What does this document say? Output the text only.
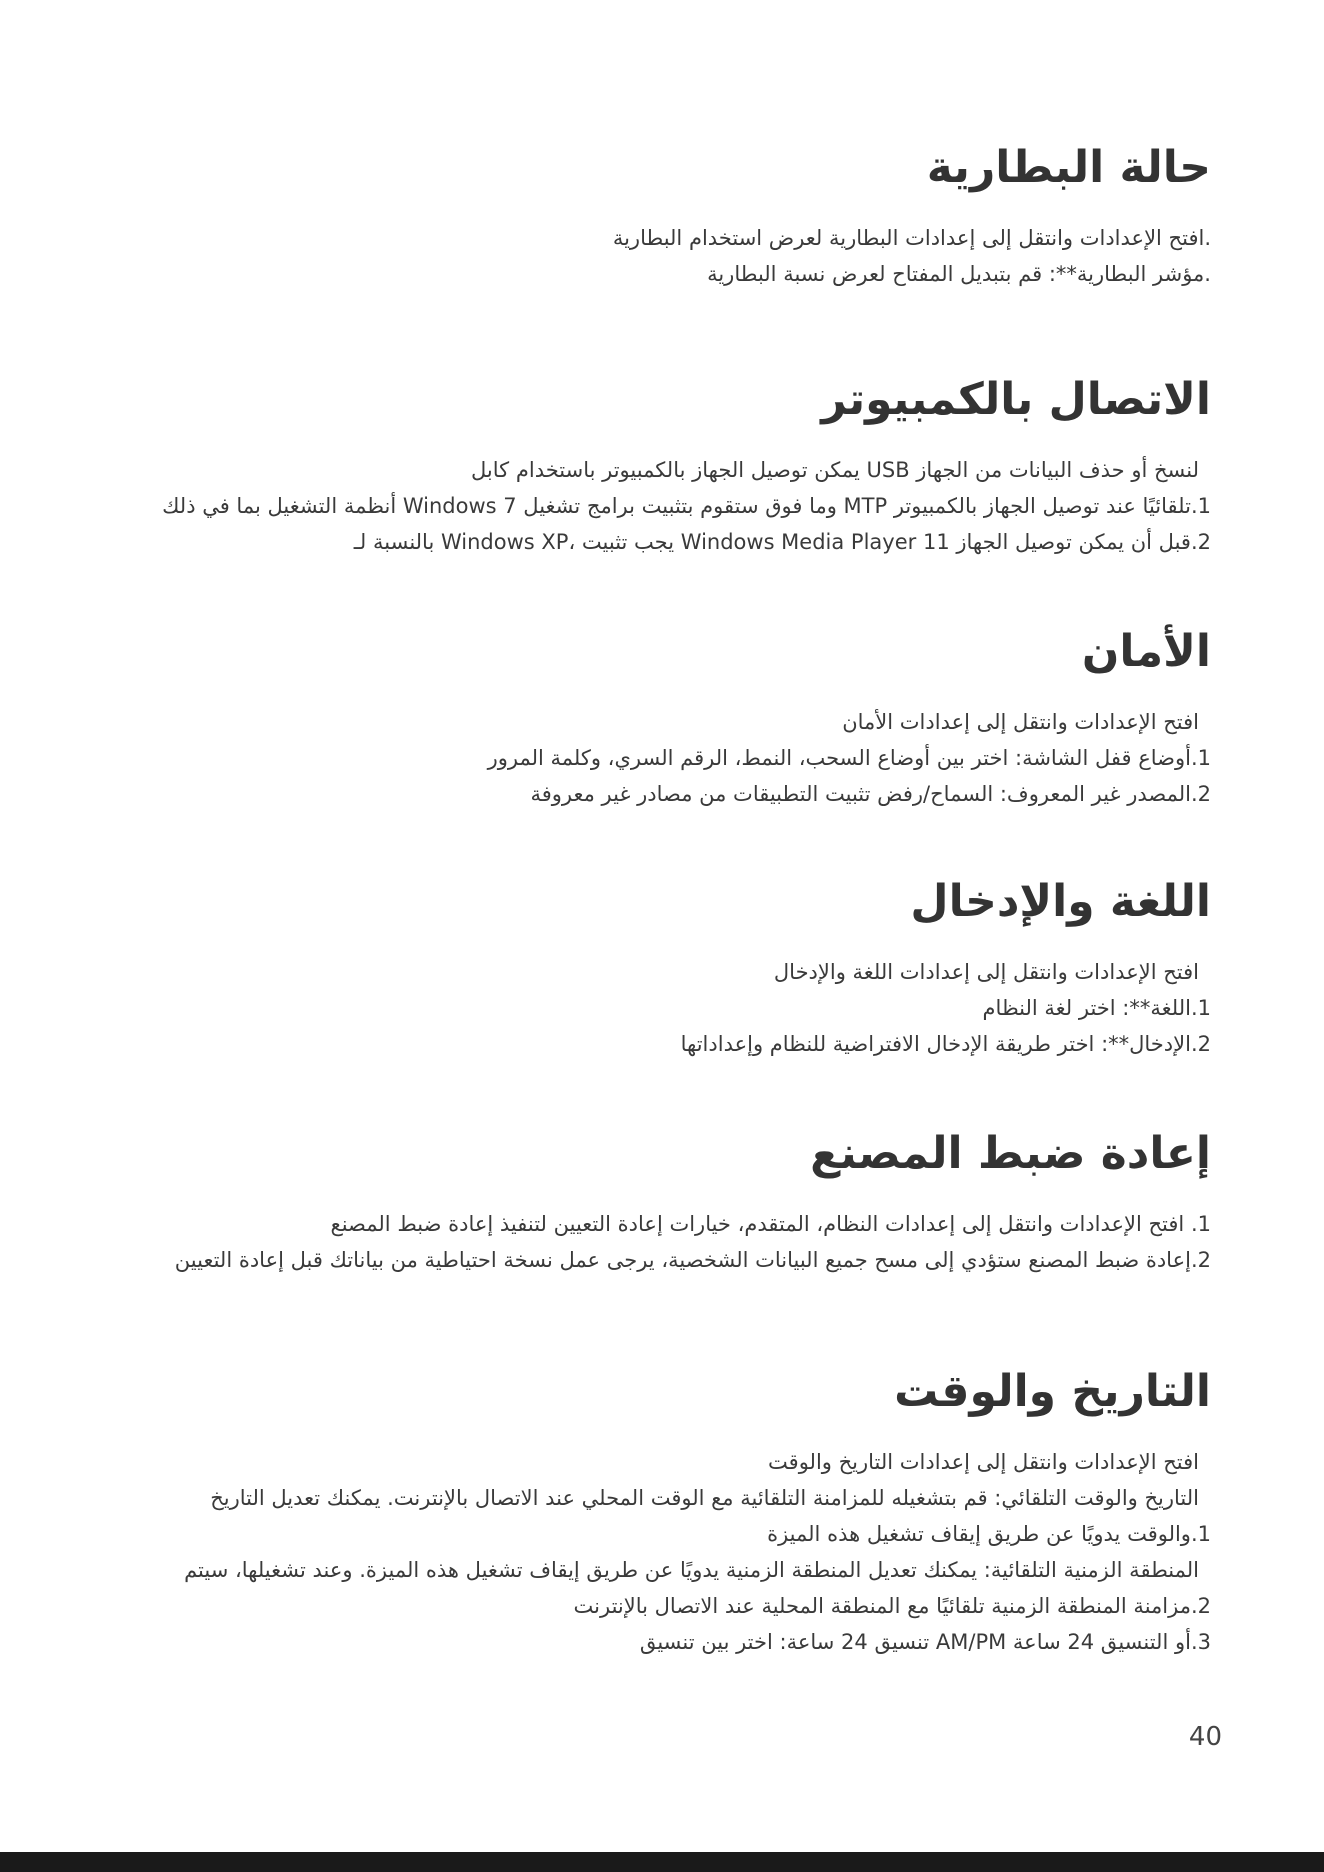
حالة البطارية
.افتح الإعدادات وانتقل إلى إعدادات البطارية لعرض استخدام البطارية
.مؤشر البطارية**: قم بتبديل المفتاح لعرض نسبة البطارية
الاتصال بالكمبيوتر
لنسخ أو حذف البيانات من الجهاز USB يمكن توصيل الجهاز بالكمبيوتر باستخدام كابل
1.تلقائيًا عند توصيل الجهاز بالكمبيوتر MTP وما فوق ستقوم بتثبيت برامج تشغيل Windows 7 أنظمة التشغيل بما في ذلك
2.قبل أن يمكن توصيل الجهاز Windows Media Player 11 يجب تثبيت ،Windows XP بالنسبة لـ
الأمان
افتح الإعدادات وانتقل إلى إعدادات الأمان
1.أوضاع قفل الشاشة: اختر بين أوضاع السحب، النمط، الرقم السري، وكلمة المرور
2.المصدر غير المعروف: السماح/رفض تثبيت التطبيقات من مصادر غير معروفة
اللغة والإدخال
افتح الإعدادات وانتقل إلى إعدادات اللغة والإدخال
1.اللغة**: اختر لغة النظام
2.الإدخال**: اختر طريقة الإدخال الافتراضية للنظام وإعداداتها
إعادة ضبط المصنع
1. افتح الإعدادات وانتقل إلى إعدادات النظام، المتقدم، خيارات إعادة التعيين لتنفيذ إعادة ضبط المصنع
2.إعادة ضبط المصنع ستؤدي إلى مسح جميع البيانات الشخصية، يرجى عمل نسخة احتياطية من بياناتك قبل إعادة التعيين
التاريخ والوقت
افتح الإعدادات وانتقل إلى إعدادات التاريخ والوقت
التاريخ والوقت التلقائي: قم بتشغيله للمزامنة التلقائية مع الوقت المحلي عند الاتصال بالإنترنت. يمكنك تعديل التاريخ
1.والوقت يدويًا عن طريق إيقاف تشغيل هذه الميزة
المنطقة الزمنية التلقائية: يمكنك تعديل المنطقة الزمنية يدويًا عن طريق إيقاف تشغيل هذه الميزة. وعند تشغيلها، سيتم
2.مزامنة المنطقة الزمنية تلقائيًا مع المنطقة المحلية عند الاتصال بالإنترنت
3.أو التنسيق 24 ساعة AM/PM تنسيق 24 ساعة: اختر بين تنسيق
40
